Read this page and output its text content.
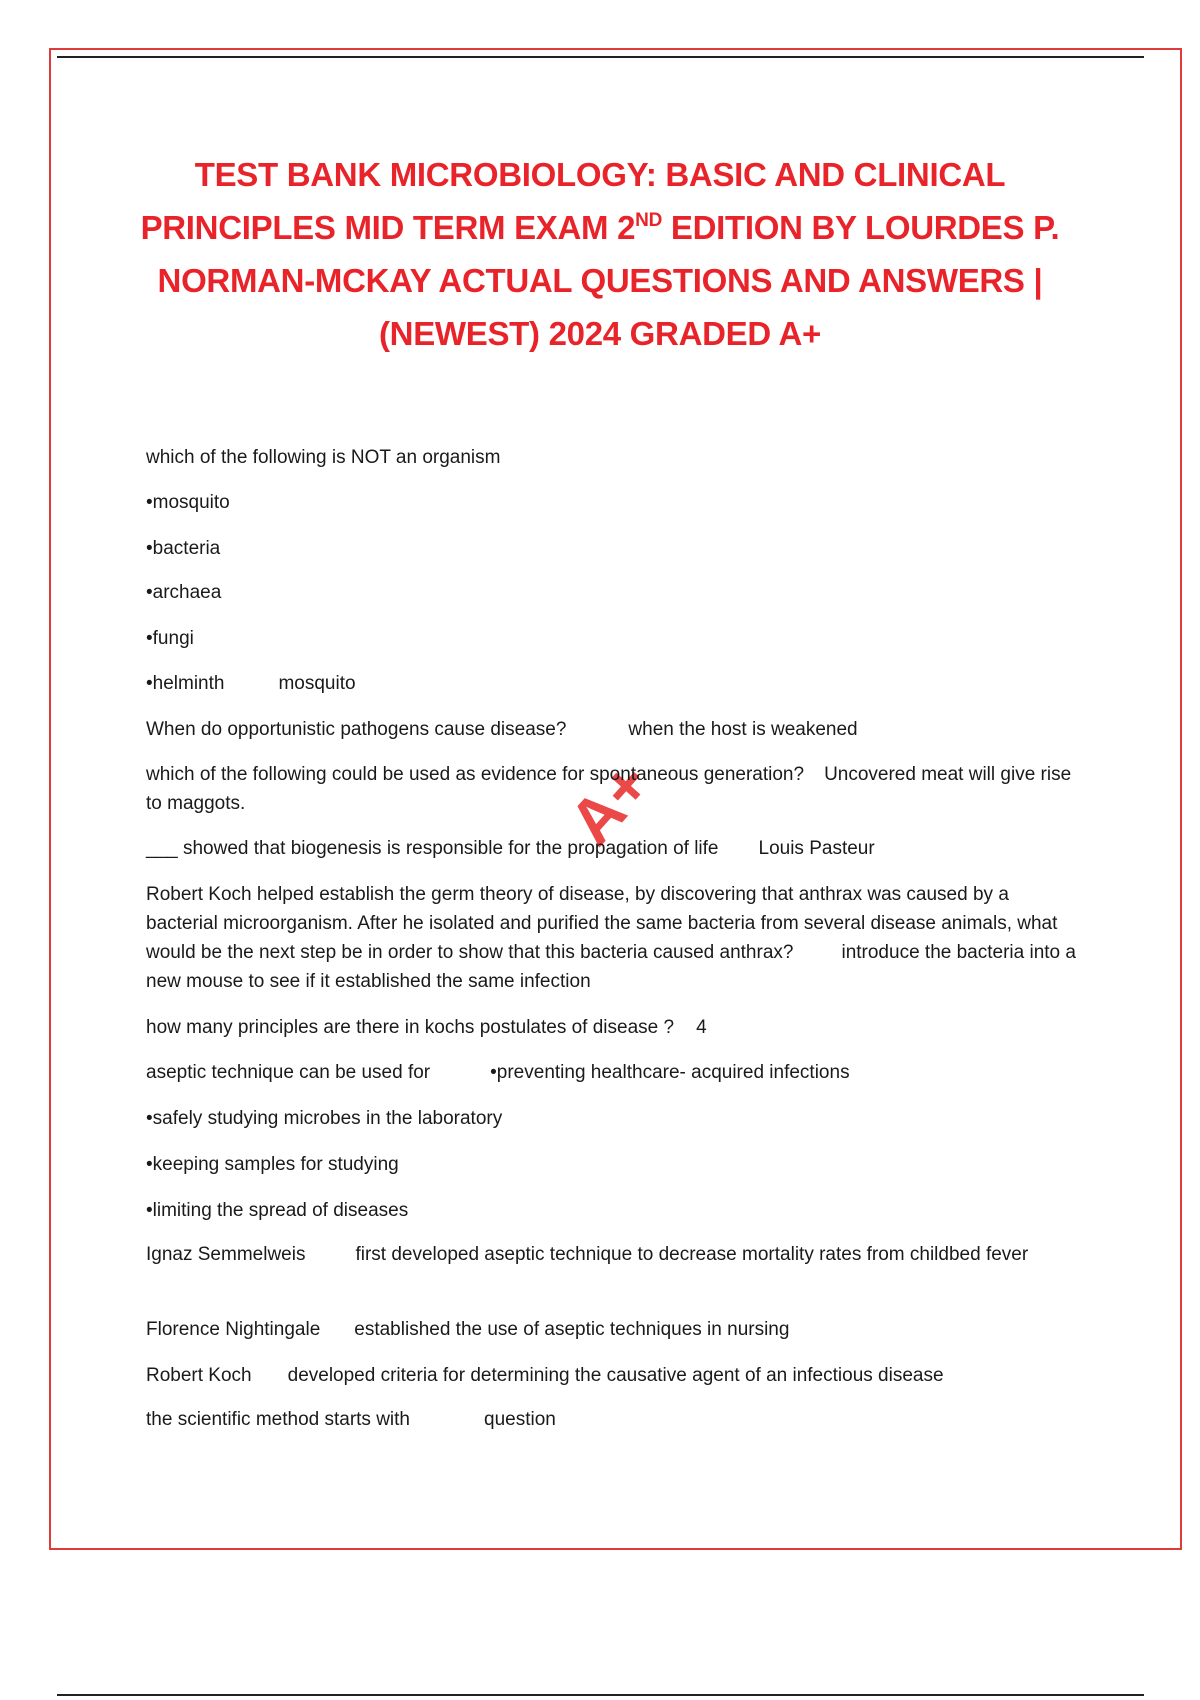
TEST BANK MICROBIOLOGY: BASIC AND CLINICAL PRINCIPLES MID TERM EXAM 2ND EDITION BY LOURDES P. NORMAN-MCKAY ACTUAL QUESTIONS AND ANSWERS |(NEWEST) 2024 GRADED A+
A+
which of the following is NOT an organism
•mosquito
•bacteria
•archaea
•fungi
•helminth	mosquito
When do opportunistic pathogens cause disease?	when the host is weakened
which of the following could be used as evidence for spontaneous generation? Uncovered meat will give rise to maggots.
___ showed that biogenesis is responsible for the propagation of life Louis Pasteur
Robert Koch helped establish the germ theory of disease, by discovering that anthrax was caused by a bacterial microorganism. After he isolated and purified the same bacteria from several disease animals, what would be the next step be in order to show that this bacteria caused anthrax?	introduce the bacteria into a new mouse to see if it established the same infection
how many principles are there in kochs postulates of disease ? 4
aseptic technique can be used for	•preventing healthcare- acquired infections
•safely studying microbes in the laboratory
•keeping samples for studying
•limiting the spread of diseases
Ignaz Semmelweis	first developed aseptic technique to decrease mortality rates from childbed fever
Florence Nightingale established the use of aseptic techniques in nursing
Robert Koch developed criteria for determining the causative agent of an infectious disease
the scientific method starts with	question
